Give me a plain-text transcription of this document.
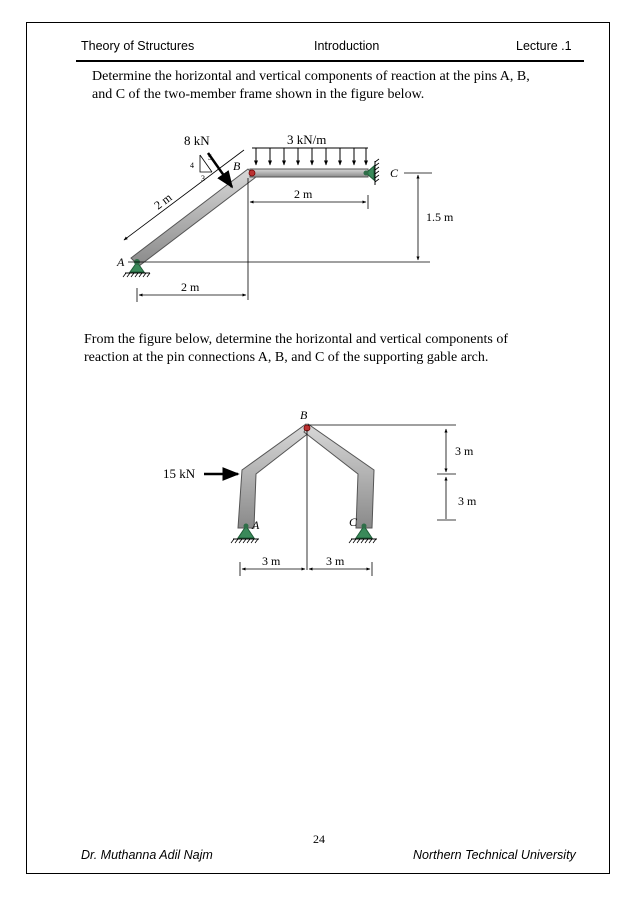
Theory of Structures	Introduction	Lecture .1
Determine the horizontal and vertical components of reaction at the pins A, B,
and C of the two-member frame shown in the figure below.
3 kN/m
8 kN
4
5
3
A
B	C
2 m	2 m
1.5 m
2 m
B
A	C
15 kN
3 m
3 m
3 m	3 m
From the figure below, determine the horizontal and vertical components of
reaction at the pin connections A, B, and C of the supporting gable arch.
24
Dr. Muthanna Adil Najm	Northern Technical University
